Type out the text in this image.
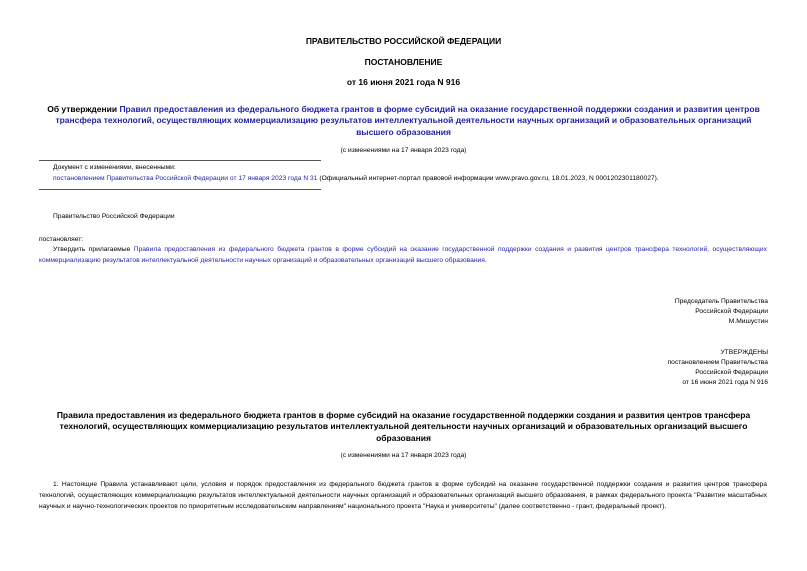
ПРАВИТЕЛЬСТВО РОССИЙСКОЙ ФЕДЕРАЦИИ
ПОСТАНОВЛЕНИЕ
от 16 июня 2021 года N 916
Об утверждении Правил предоставления из федерального бюджета грантов в форме субсидий на оказание государственной поддержки создания и развития центров трансфера технологий, осуществляющих коммерциализацию результатов интеллектуальной деятельности научных организаций и образовательных организаций высшего образования
(с изменениями на 17 января 2023 года)
Документ с изменениями, внесенными:
постановлением Правительства Российской Федерации от 17 января 2023 года N 31 (Официальный интернет-портал правовой информации www.pravo.gov.ru, 18.01.2023, N 0001202301180027).
Правительство Российской Федерации
постановляет:
Утвердить прилагаемые Правила предоставления из федерального бюджета грантов в форме субсидий на оказание государственной поддержки создания и развития центров трансфера технологий, осуществляющих коммерциализацию результатов интеллектуальной деятельности научных организаций и образовательных организаций высшего образования.
Председатель Правительства
Российской Федерации
М.Мишустин
УТВЕРЖДЕНЫ
постановлением Правительства
Российской Федерации
от 16 июня 2021 года N 916
Правила предоставления из федерального бюджета грантов в форме субсидий на оказание государственной поддержки создания и развития центров трансфера технологий, осуществляющих коммерциализацию результатов интеллектуальной деятельности научных организаций и образовательных организаций высшего образования
(с изменениями на 17 января 2023 года)
1. Настоящие Правила устанавливают цели, условия и порядок предоставления из федерального бюджета грантов в форме субсидий на оказание государственной поддержки создания и развития центров трансфера технологий, осуществляющих коммерциализацию результатов интеллектуальной деятельности научных организаций и образовательных организаций высшего образования, в рамках федерального проекта "Развитие масштабных научных и научно-технологических проектов по приоритетным исследовательским направлениям" национального проекта "Наука и университеты" (далее соответственно - грант, федеральный проект).
